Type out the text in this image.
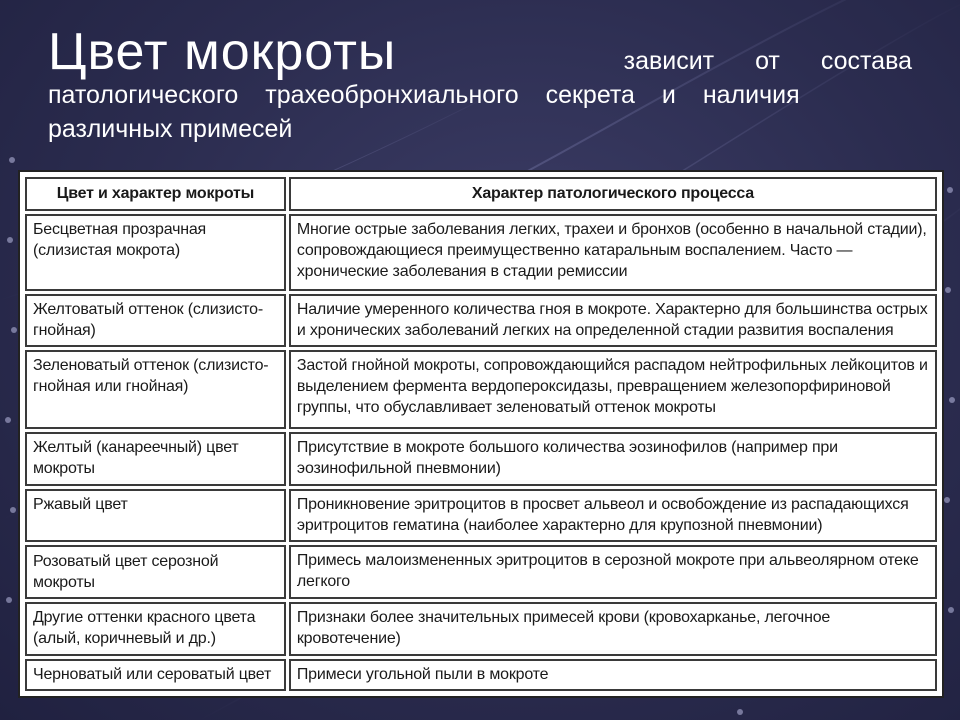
Цвет мокроты	зависит от состава
патологического трахеобронхиального секрета и наличия
различных примесей
Цвет и характер мокроты	Характер патологического процесса
Бесцветная прозрачная (слизистая мокрота)	Многие острые заболевания легких, трахеи и бронхов (особенно в начальной стадии), сопровождающиеся преимущественно катаральным воспалением. Часто — хронические заболевания в стадии ремиссии
Желтоватый оттенок (слизисто-гнойная)	Наличие умеренного количества гноя в мокроте. Характерно для большинства острых и хронических заболеваний легких на определенной стадии развития воспаления
Зеленоватый оттенок (слизисто-гнойная или гнойная)	Застой гнойной мокроты, сопровождающийся распадом нейтрофильных лейкоцитов и выделением фермента вердопероксидазы, превращением железопорфириновой группы, что обуславливает зеленоватый оттенок мокроты
Желтый (канареечный) цвет мокроты	Присутствие в мокроте большого количества эозинофилов (например при эозинофильной пневмонии)
Ржавый цвет	Проникновение эритроцитов в просвет альвеол и освобождение из распадающихся эритроцитов гематина (наиболее характерно для крупозной пневмонии)
Розоватый цвет серозной мокроты	Примесь малоизмененных эритроцитов в серозной мокроте при альвеолярном отеке легкого
Другие оттенки красного цвета (алый, коричневый и др.)	Признаки более значительных примесей крови (кровохарканье, легочное кровотечение)
Черноватый или сероватый цвет	Примеси угольной пыли в мокроте
